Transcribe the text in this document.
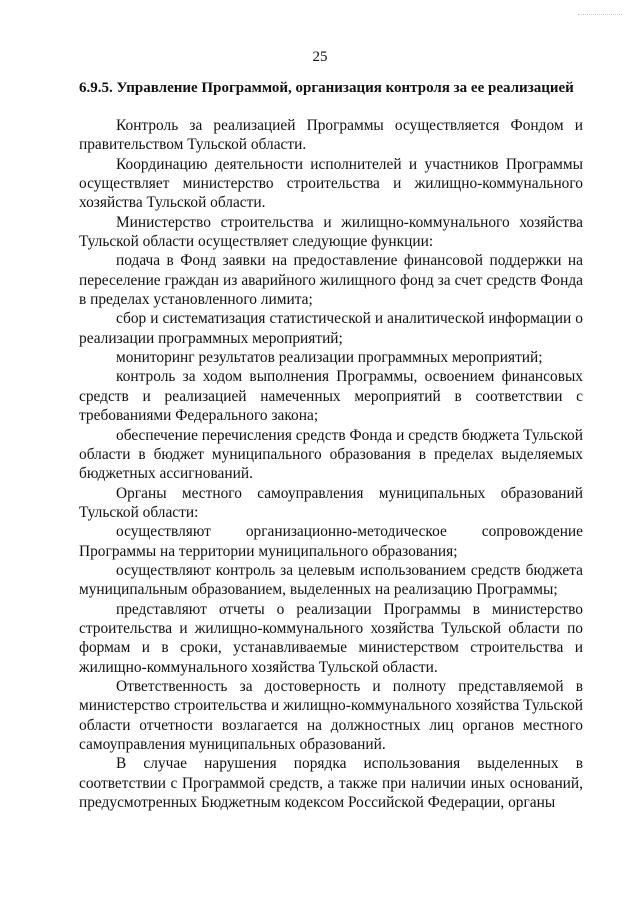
25
6.9.5. Управление Программой, организация контроля за ее реализацией

Контроль за реализацией Программы осуществляется Фондом и правительством Тульской области.

Координацию деятельности исполнителей и участников Программы осуществляет министерство строительства и жилищно-коммунального хозяйства Тульской области.

Министерство строительства и жилищно-коммунального хозяйства Тульской области осуществляет следующие функции:

подача в Фонд заявки на предоставление финансовой поддержки на переселение граждан из аварийного жилищного фонд за счет средств Фонда в пределах установленного лимита;

сбор и систематизация статистической и аналитической информации о реализации программных мероприятий;

мониторинг результатов реализации программных мероприятий;

контроль за ходом выполнения Программы, освоением финансовых средств и реализацией намеченных мероприятий в соответствии с требованиями Федерального закона;

обеспечение перечисления средств Фонда и средств бюджета Тульской области в бюджет муниципального образования в пределах выделяемых бюджетных ассигнований.

Органы местного самоуправления муниципальных образований Тульской области:

осуществляют организационно-методическое сопровождение Программы на территории муниципального образования;

осуществляют контроль за целевым использованием средств бюджета муниципальным образованием, выделенных на реализацию Программы;

представляют отчеты о реализации Программы в министерство строительства и жилищно-коммунального хозяйства Тульской области по формам и в сроки, устанавливаемые министерством строительства и жилищно-коммунального хозяйства Тульской области.

Ответственность за достоверность и полноту представляемой в министерство строительства и жилищно-коммунального хозяйства Тульской области отчетности возлагается на должностных лиц органов местного самоуправления муниципальных образований.

В случае нарушения порядка использования выделенных в соответствии с Программой средств, а также при наличии иных оснований, предусмотренных Бюджетным кодексом Российской Федерации, органы
